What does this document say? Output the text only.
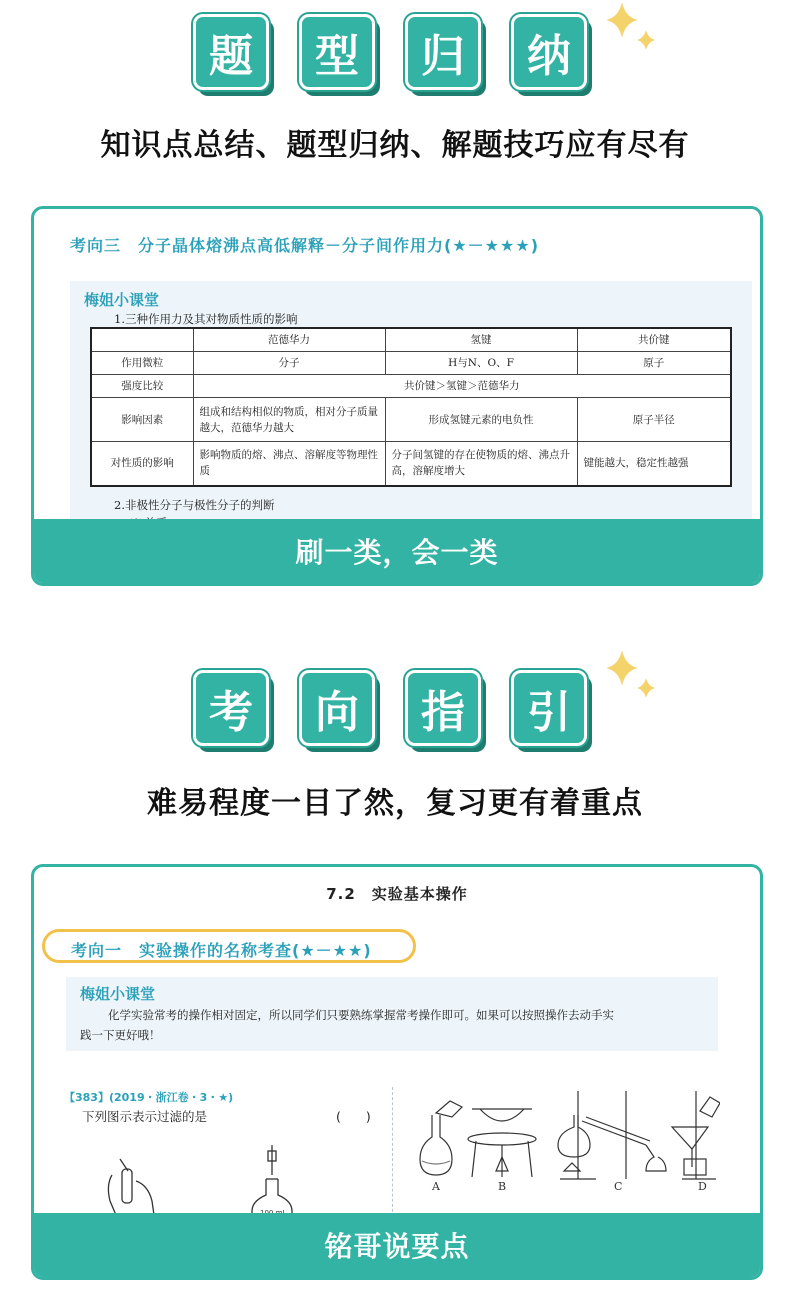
题	型	归	纳
知识点总结、题型归纳、解题技巧应有尽有
考向三　分子晶体熔沸点高低解释－分子间作用力(★－★★★)
梅姐小课堂
1.三种作用力及其对物质性质的影响
	范德华力	氢键	共价键
作用微粒	分子	H与N、O、F	原子
强度比较	共价键＞氢键＞范德华力		
影响因素	组成和结构相似的物质，相对分子质量越大，范德华力越大	形成氢键元素的电负性	原子半径
对性质的影响	影响物质的熔、沸点、溶解度等物理性质	分子间氢键的存在使物质的熔、沸点升高，溶解度增大	键能越大，稳定性越强
2.非极性分子与极性分子的判断
刷一类，会一类
考	向	指	引
难易程度一目了然，复习更有着重点
7.2　实验基本操作
考向一　实验操作的名称考查(★－★★)
梅姐小课堂
化学实验常考的操作相对固定，所以同学们只要熟练掌握常考操作即可。如果可以按照操作去动手实
践一下更好哦！
【383】(2019・浙江卷・3・★)
下列图示表示过滤的是	(　　)
A	B	C	D
铭哥说要点
